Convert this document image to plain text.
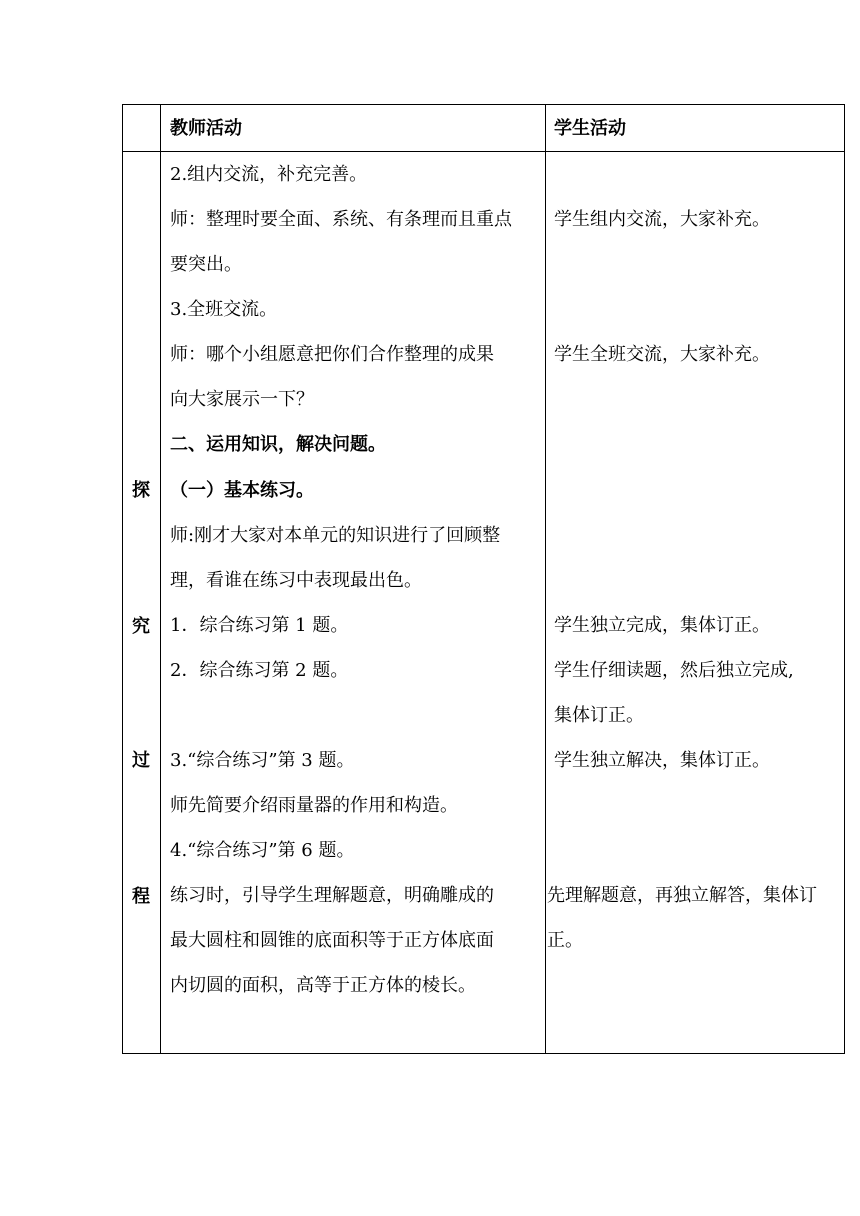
教师活动	学生活动
探
究
过
程
2.组内交流，补充完善。
师：整理时要全面、系统、有条理而且重点
要突出。
3.全班交流。
师：哪个小组愿意把你们合作整理的成果
向大家展示一下？
二、运用知识，解决问题。
（一）基本练习。
师:刚才大家对本单元的知识进行了回顾整
理，看谁在练习中表现最出色。
1．综合练习第 1 题。
2．综合练习第 2 题。
3.“综合练习”第 3 题。
师先简要介绍雨量器的作用和构造。
4.“综合练习”第 6 题。
练习时，引导学生理解题意，明确雕成的
最大圆柱和圆锥的底面积等于正方体底面
内切圆的面积，高等于正方体的棱长。
学生组内交流，大家补充。
学生全班交流，大家补充。
学生独立完成，集体订正。
学生仔细读题，然后独立完成,
集体订正。
学生独立解决，集体订正。
先理解题意，再独立解答，集体订
正。
